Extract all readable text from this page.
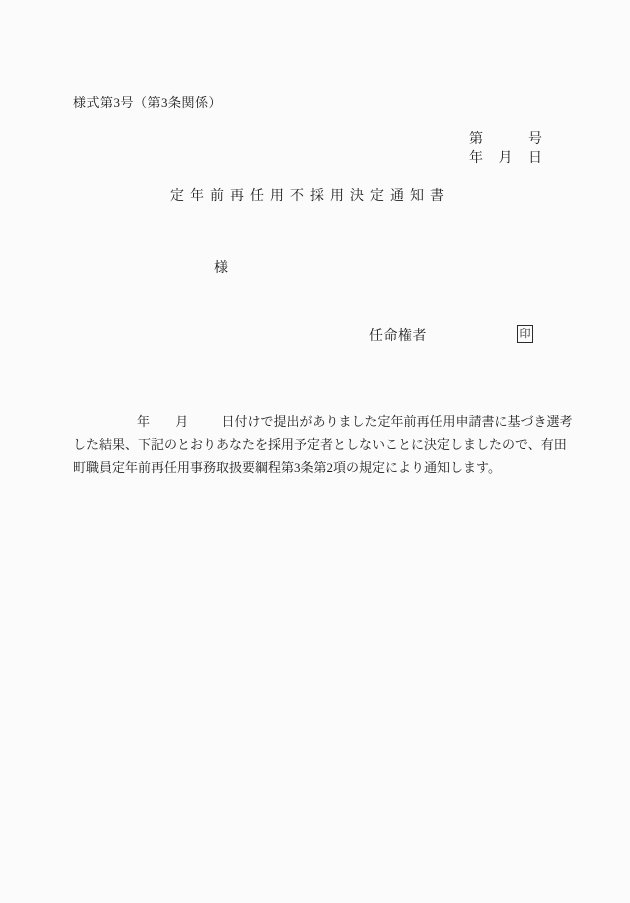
様式第3号（第3条関係）
第	号
年 月 日
定年前再任用不採用決定通知書
様
任命権者	印
年 月	日付けで提出がありました定年前再任用申請書に基づき選考
した結果、下記のとおりあなたを採用予定者としないことに決定しましたので、有田
町職員定年前再任用事務取扱要綱程第3条第2項の規定により通知します。
